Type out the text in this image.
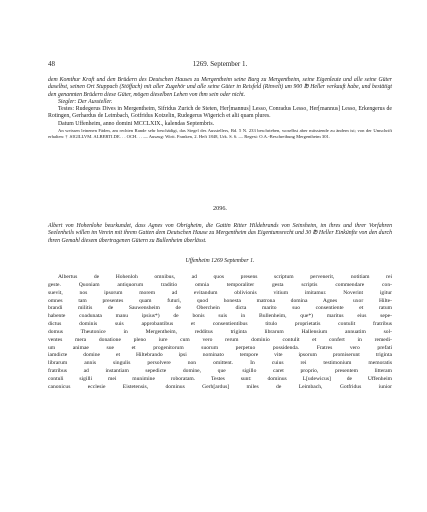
48	1269. September 1.

dem Komthur Kraft und den Brüdern des Deutschen Hauses zu Mergentheim seine Burg zu Mergentheim, seine Eigenleute und alle seine Güter daselbst, seinen Ort Stuppach (Stöffach) mit aller Zugehör und alle seine Güter in Reisfeld (Rinvelt) um 900 ℔ Heller verkauft habe, und bestätigt den genannten Brüdern diese Güter, mögen dieselben Lehen von ihm sein oder nicht.

Siegler: Der Aussteller.

Testes: Rudegerus Dives in Mergentheim, Sifridus Zurich de Steten, Her[mannus] Lesso, Conradus Lesso, Her[mannus] Lesso, Erkengerus de Rotingen, Gerhardus de Leimbach, Gotfridus Kotzelin, Rudegerus Wigerich et alii quam plures.

Datum Uffenheim, anno domini MCCLXIX., kalendas Septembris.

An weissen leinenen Fäden, am rechten Rande sehr beschädigt, das Siegel des Ausstellers, Bd. 5 N. 233 beschrieben, woselbst aber mitsstende zu ändern ist; von der Umschrift erhalten: † .SIGILLVM. ALBERTI.DE. . . OCH. . . — Auszug: Wirtt. Franken, 2. Heft 1848, Urk. S. 6. — Regest: O.A.-Beschreibung Mergentheim 301.

2096.
Albert von Hohenlohe beurkundet, dass Agnes von Obrigheim, die Gattin Ritter Hildebrands von Seinsheim, im ihres und ihrer Vorfahren Seelenheils willen im Verein mit ihrem Gatten dem Deutschen Hause zu Mergentheim das Eigentumsrecht und 30 ℔ Heller Einkünfte von den durch ihren Gemahl diesem übertragenen Gütern zu Bullenheim überlässt.
Uffenheim 1269 September 1.
Albertus de Hohenloh omnibus, ad quos presens scriptum pervenerit, notitiam rei
geste. Quoniam antiquorum traditio omnia temporaliter gesta scriptis commendare con-
suevit, nos ipsorum morem ad evitandum oblivionis vitium imitamur. Noverint igitur
omnes tam presentes quam futuri, quod honesta matrona domina Agnes uxor Hilte-
brandi militis de Sauwensheim de Oberchein dicta marito suo consentiente et ratum
habente coadunata manu ipsius*) de bonis suis in Bullenheim, que*) maritus eius sepe-
dictus dominis suis approbantibus et consentientibus titulo proprietatis contulit fratribus
domus Theutonice in Mergentheim, redditus triginta librarum Hallensium annuatim sol-
ventes mera donatione pleno iure cum vero rerum dominio contulit et confert in remedi-
um animae sue et progenitorum suorum perpetuo possidenda. Fratres vero prefati
iamdicte domine et Hiltebrando ipsi nominato tempore vite ipsorum promiserunt triginta
librarum annis singulis persolvere non omittent. In cuius rei testimonium memoratis
fratribus ad instantiam sepedicte domine, que sigillo caret proprio, presentem litteram
contuli sigilli mei munimine roboratam. Testes sunt: dominus L[udewicus] de Uffenheim
canonicus ecclesie Eistetensis, dominus Gerh[ardus] miles de Leimbach, Gotfridus iunior
